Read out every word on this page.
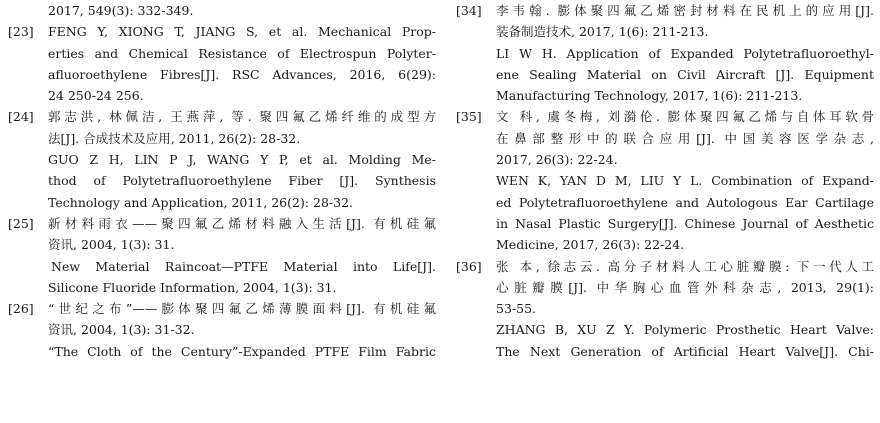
2017, 549(3): 332-349.
[23] FENG Y, XIONG T, JIANG S, et al. Mechanical Prop-
erties and Chemical Resistance of Electrospun Polyter-
afluoroethylene Fibres[J]. RSC Advances, 2016, 6(29):
24 250-24 256.
[24] 郭志洪, 林佩洁, 王燕萍, 等. 聚四氟乙烯纤维的成型方
法[J]. 合成技术及应用, 2011, 26(2): 28-32.
GUO Z H, LIN P J, WANG Y P, et al. Molding Me-
thod of Polytetrafluoroethylene Fiber [J]. Synthesis
Technology and Application, 2011, 26(2): 28-32.
[25] 新材料雨衣——聚四氟乙烯材料融入生活[J]. 有机硅氟
资讯, 2004, 1(3): 31.
New Material Raincoat—PTFE Material into Life[J].
Silicone Fluoride Information, 2004, 1(3): 31.
[26] “世纪之布”——膨体聚四氟乙烯薄膜面料[J]. 有机硅氟
资讯, 2004, 1(3): 31-32.
“The Cloth of the Century”-Expanded PTFE Film Fabric
[34] 李韦翰. 膨体聚四氟乙烯密封材料在民机上的应用[J].
装备制造技术, 2017, 1(6): 211-213.
LI W H. Application of Expanded Polytetrafluoroethyl-
ene Sealing Material on Civil Aircraft [J]. Equipment
Manufacturing Technology, 2017, 1(6): 211-213.
[35] 文 科, 虞冬梅, 刘漪伦. 膨体聚四氟乙烯与自体耳软骨
在鼻部整形中的联合应用[J]. 中国美容医学杂志,
2017, 26(3): 22-24.
WEN K, YAN D M, LIU Y L. Combination of Expand-
ed Polytetrafluoroethylene and Autologous Ear Cartilage
in Nasal Plastic Surgery[J]. Chinese Journal of Aesthetic
Medicine, 2017, 26(3): 22-24.
[36] 张 本, 徐志云. 高分子材料人工心脏瓣膜: 下一代人工
心脏瓣膜[J]. 中华胸心血管外科杂志, 2013, 29(1):
53-55.
ZHANG B, XU Z Y. Polymeric Prosthetic Heart Valve:
The Next Generation of Artificial Heart Valve[J]. Chi-
